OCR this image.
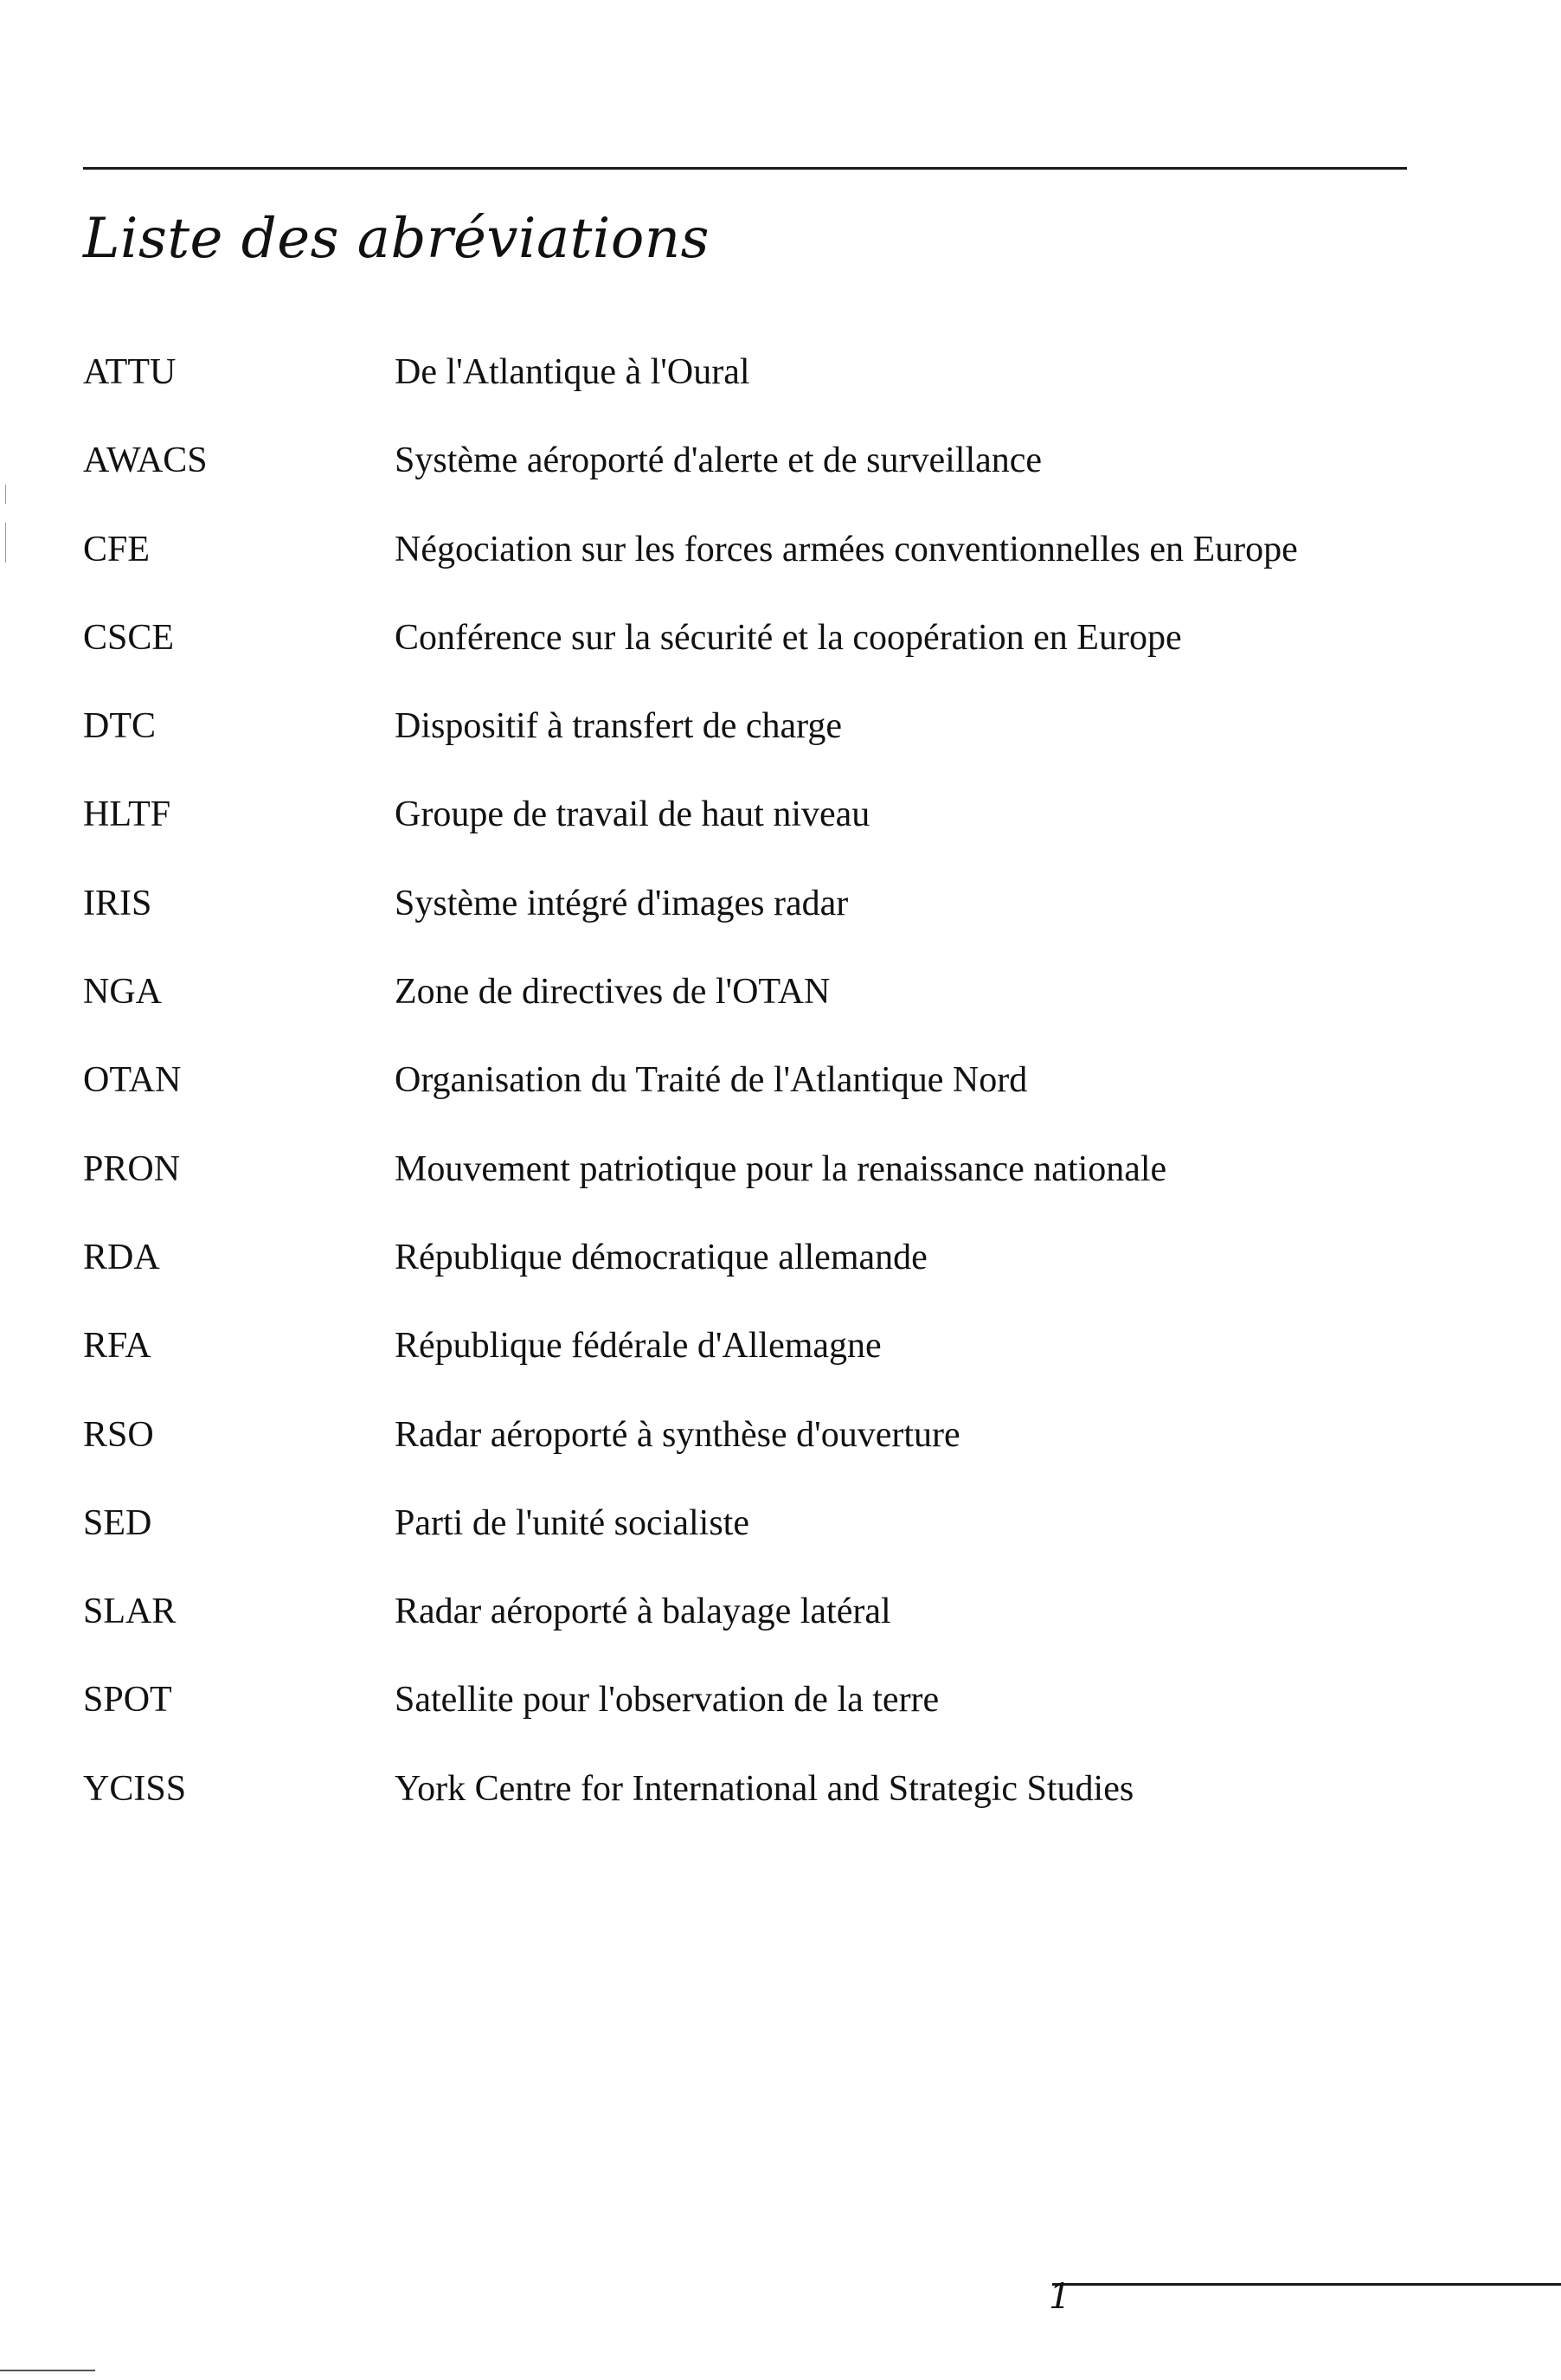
Liste des abréviations
ATTU	De l'Atlantique à l'Oural
AWACS	Système aéroporté d'alerte et de surveillance
CFE	Négociation sur les forces armées conventionnelles en Europe
CSCE	Conférence sur la sécurité et la coopération en Europe
DTC	Dispositif à transfert de charge
HLTF	Groupe de travail de haut niveau
IRIS	Système intégré d'images radar
NGA	Zone de directives de l'OTAN
OTAN	Organisation du Traité de l'Atlantique Nord
PRON	Mouvement patriotique pour la renaissance nationale
RDA	République démocratique allemande
RFA	République fédérale d'Allemagne
RSO	Radar aéroporté à synthèse d'ouverture
SED	Parti de l'unité socialiste
SLAR	Radar aéroporté à balayage latéral
SPOT	Satellite pour l'observation de la terre
YCISS	York Centre for International and Strategic Studies
1
